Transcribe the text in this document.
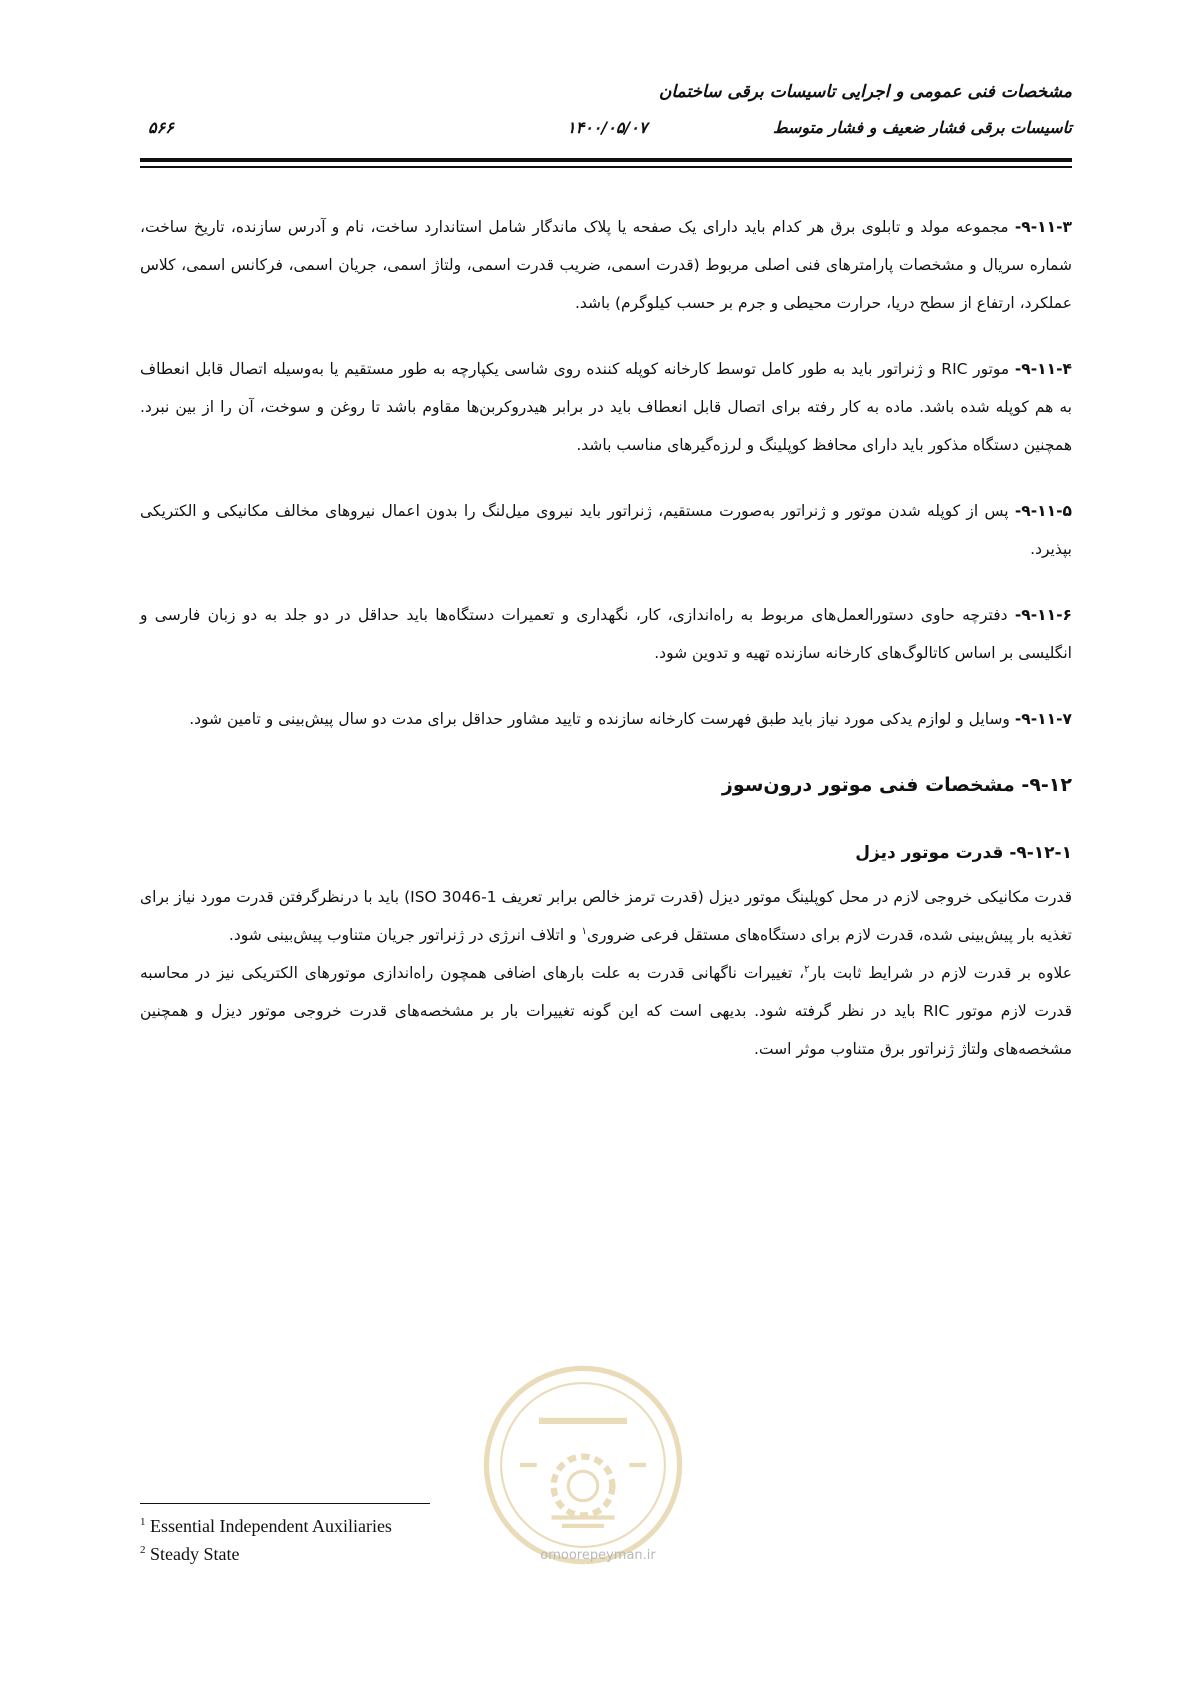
مشخصات فنی عمومی و اجرایی تاسیسات برقی ساختمان
تاسیسات برقی فشار ضعیف و فشار متوسط
۱۴۰۰/۰۵/۰۷
۵۶۶

۹-۱۱-۳- مجموعه مولد و تابلوی برق هر کدام باید دارای یک صفحه یا پلاک ماندگار شامل استاندارد ساخت، نام و آدرس سازنده، تاریخ ساخت، شماره سریال و مشخصات پارامترهای فنی اصلی مربوط (قدرت اسمی، ضریب قدرت اسمی، ولتاژ اسمی، جریان اسمی، فرکانس اسمی، کلاس عملکرد، ارتفاع از سطح دریا، حرارت محیطی و جرم بر حسب کیلوگرم) باشد.

۹-۱۱-۴- موتور RIC و ژنراتور باید به طور کامل توسط کارخانه کوپله کننده روی شاسی یکپارچه به طور مستقیم یا به‌وسیله اتصال قابل انعطاف به هم کوپله شده باشد. ماده به کار رفته برای اتصال قابل انعطاف باید در برابر هیدروکربن‌ها مقاوم باشد تا روغن و سوخت، آن را از بین نبرد. همچنین دستگاه مذکور باید دارای محافظ کوپلینگ و لرزه‌گیرهای مناسب باشد.

۹-۱۱-۵- پس از کوپله شدن موتور و ژنراتور به‌صورت مستقیم، ژنراتور باید نیروی میل‌لنگ را بدون اعمال نیروهای مخالف مکانیکی و الکتریکی بپذیرد.

۹-۱۱-۶- دفترچه حاوی دستورالعمل‌های مربوط به راه‌اندازی، کار، نگهداری و تعمیرات دستگاه‌ها باید حداقل در دو جلد به دو زبان فارسی و انگلیسی بر اساس کاتالوگ‌های کارخانه سازنده تهیه و تدوین شود.

۹-۱۱-۷- وسایل و لوازم یدکی مورد نیاز باید طبق فهرست کارخانه سازنده و تایید مشاور حداقل برای مدت دو سال پیش‌بینی و تامین شود.

۹-۱۲- مشخصات فنی موتور درون‌سوز

۹-۱۲-۱- قدرت موتور دیزل

قدرت مکانیکی خروجی لازم در محل کوپلینگ موتور دیزل (قدرت ترمز خالص برابر تعریف ISO 3046-1) باید با درنظرگرفتن قدرت مورد نیاز برای تغذیه بار پیش‌بینی شده، قدرت لازم برای دستگاه‌های مستقل فرعی ضروری$^۱$ و اتلاف انرژی در ژنراتور جریان متناوب پیش‌بینی شود.

علاوه بر قدرت لازم در شرایط ثابت بار$^۲$، تغییرات ناگهانی قدرت به علت بارهای اضافی همچون راه‌اندازی موتورهای الکتریکی نیز در محاسبه قدرت لازم موتور RIC باید در نظر گرفته شود. بدیهی است که این گونه تغییرات بار بر مشخصه‌های قدرت خروجی موتور دیزل و همچنین مشخصه‌های ولتاژ ژنراتور برق متناوب موثر است.

omoorepeyman.ir
$^1$ Essential Independent Auxiliaries
$^2$ Steady State
